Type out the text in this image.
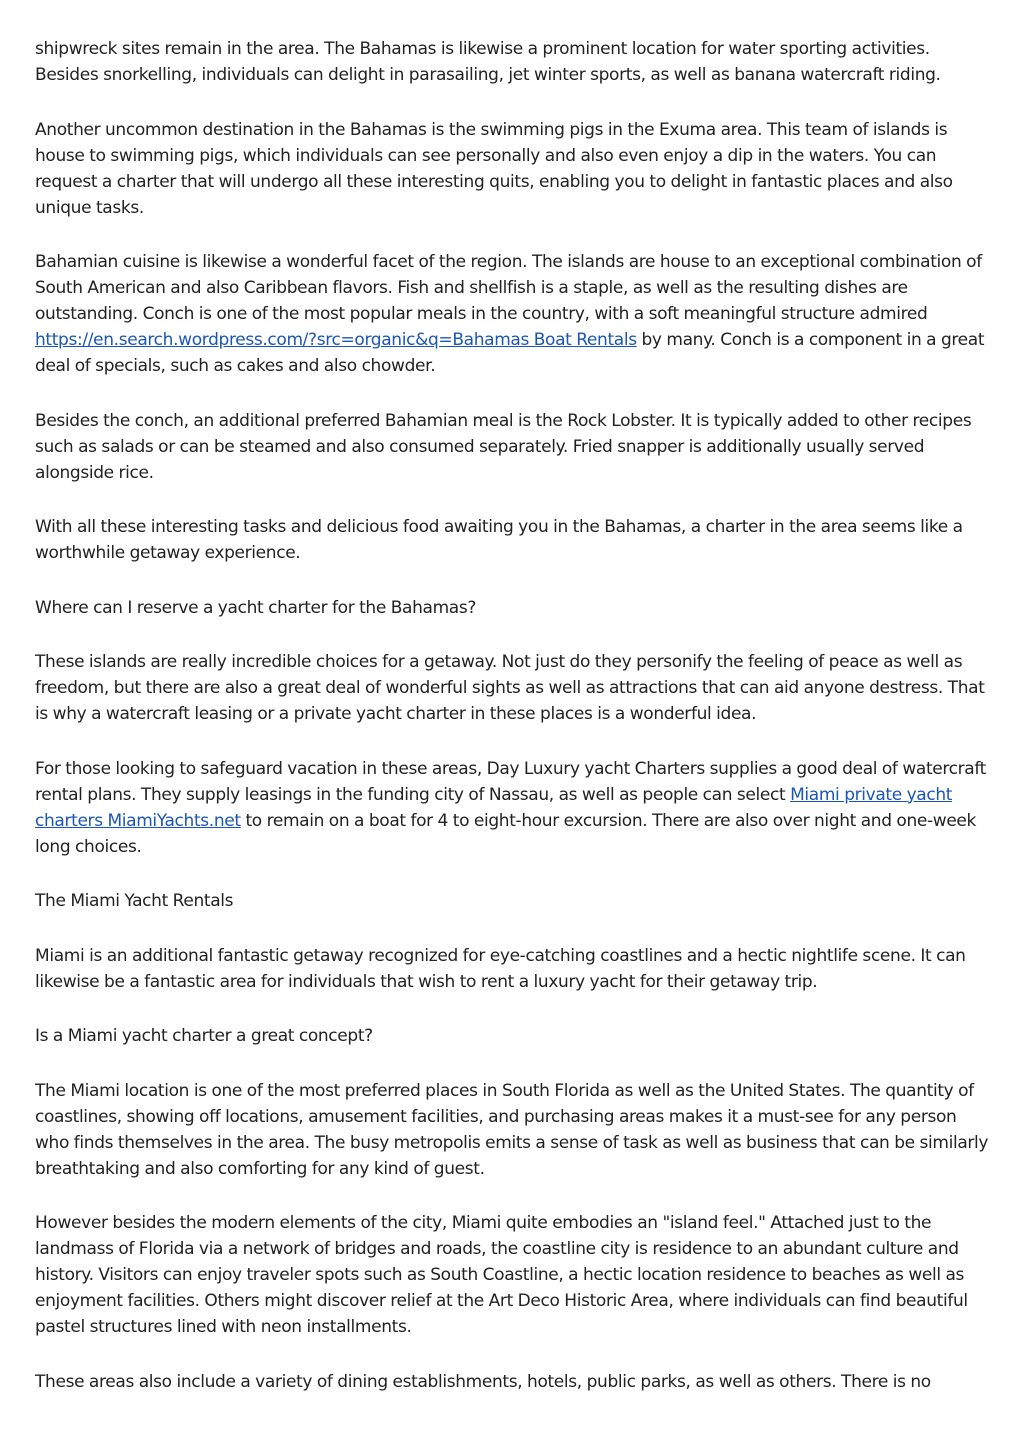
shipwreck sites remain in the area. The Bahamas is likewise a prominent location for water sporting activities. Besides snorkelling, individuals can delight in parasailing, jet winter sports, as well as banana watercraft riding.

Another uncommon destination in the Bahamas is the swimming pigs in the Exuma area. This team of islands is house to swimming pigs, which individuals can see personally and also even enjoy a dip in the waters. You can request a charter that will undergo all these interesting quits, enabling you to delight in fantastic places and also unique tasks.

Bahamian cuisine is likewise a wonderful facet of the region. The islands are house to an exceptional combination of South American and also Caribbean flavors. Fish and shellfish is a staple, as well as the resulting dishes are outstanding. Conch is one of the most popular meals in the country, with a soft meaningful structure admired https://en.search.wordpress.com/?src=organic&q=Bahamas Boat Rentals by many. Conch is a component in a great deal of specials, such as cakes and also chowder.

Besides the conch, an additional preferred Bahamian meal is the Rock Lobster. It is typically added to other recipes such as salads or can be steamed and also consumed separately. Fried snapper is additionally usually served alongside rice.

With all these interesting tasks and delicious food awaiting you in the Bahamas, a charter in the area seems like a worthwhile getaway experience.

Where can I reserve a yacht charter for the Bahamas?

These islands are really incredible choices for a getaway. Not just do they personify the feeling of peace as well as freedom, but there are also a great deal of wonderful sights as well as attractions that can aid anyone destress. That is why a watercraft leasing or a private yacht charter in these places is a wonderful idea.

For those looking to safeguard vacation in these areas, Day Luxury yacht Charters supplies a good deal of watercraft rental plans. They supply leasings in the funding city of Nassau, as well as people can select Miami private yacht charters MiamiYachts.net to remain on a boat for 4 to eight-hour excursion. There are also over night and one-week long choices.

The Miami Yacht Rentals

Miami is an additional fantastic getaway recognized for eye-catching coastlines and a hectic nightlife scene. It can likewise be a fantastic area for individuals that wish to rent a luxury yacht for their getaway trip.

Is a Miami yacht charter a great concept?

The Miami location is one of the most preferred places in South Florida as well as the United States. The quantity of coastlines, showing off locations, amusement facilities, and purchasing areas makes it a must-see for any person who finds themselves in the area. The busy metropolis emits a sense of task as well as business that can be similarly breathtaking and also comforting for any kind of guest.

However besides the modern elements of the city, Miami quite embodies an "island feel." Attached just to the landmass of Florida via a network of bridges and roads, the coastline city is residence to an abundant culture and history. Visitors can enjoy traveler spots such as South Coastline, a hectic location residence to beaches as well as enjoyment facilities. Others might discover relief at the Art Deco Historic Area, where individuals can find beautiful pastel structures lined with neon installments.

These areas also include a variety of dining establishments, hotels, public parks, as well as others. There is no
